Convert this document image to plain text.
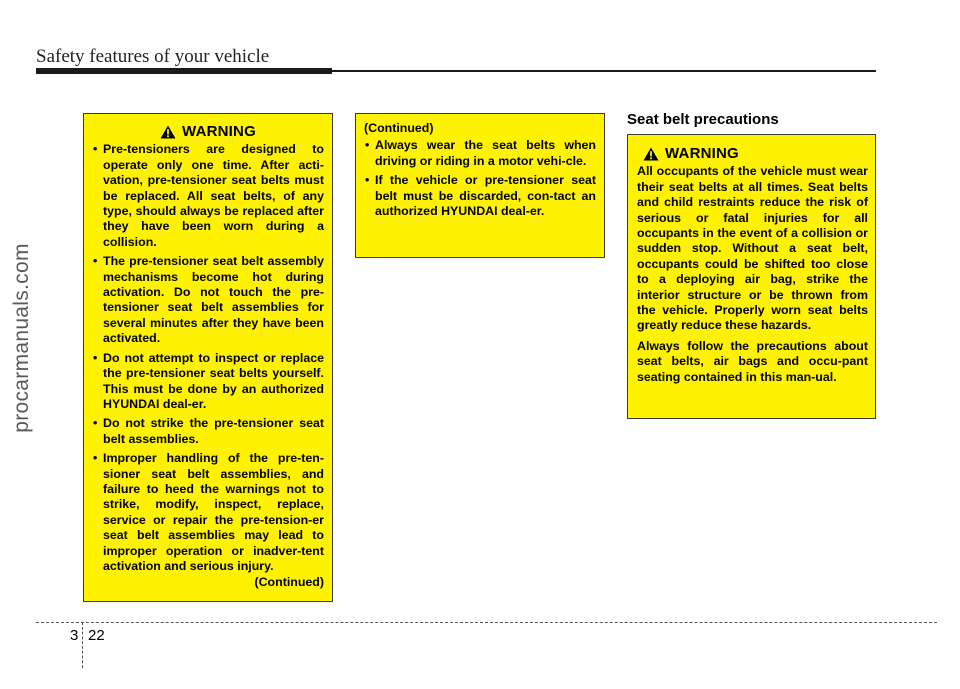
Safety features of your vehicle
procarmanuals.com
WARNING
• Pre-tensioners are designed to operate only one time. After acti-vation, pre-tensioner seat belts must be replaced. All seat belts, of any type, should always be replaced after they have been worn during a collision.
• The pre-tensioner seat belt assembly mechanisms become hot during activation. Do not touch the pre-tensioner seat belt assemblies for several minutes after they have been activated.
• Do not attempt to inspect or replace the pre-tensioner seat belts yourself. This must be done by an authorized HYUNDAI deal-er.
• Do not strike the pre-tensioner seat belt assemblies.
• Improper handling of the pre-ten-sioner seat belt assemblies, and failure to heed the warnings not to strike, modify, inspect, replace, service or repair the pre-tension-er seat belt assemblies may lead to improper operation or inadver-tent activation and serious injury.
(Continued)
(Continued)
• Always wear the seat belts when driving or riding in a motor vehi-cle.
• If the vehicle or pre-tensioner seat belt must be discarded, con-tact an authorized HYUNDAI deal-er.
Seat belt precautions
WARNING

All occupants of the vehicle must wear their seat belts at all times. Seat belts and child restraints reduce the risk of serious or fatal injuries for all occupants in the event of a collision or sudden stop. Without a seat belt, occupants could be shifted too close to a deploying air bag, strike the interior structure or be thrown from the vehicle. Properly worn seat belts greatly reduce these hazards.

Always follow the precautions about seat belts, air bags and occu-pant seating contained in this man-ual.

3 22
